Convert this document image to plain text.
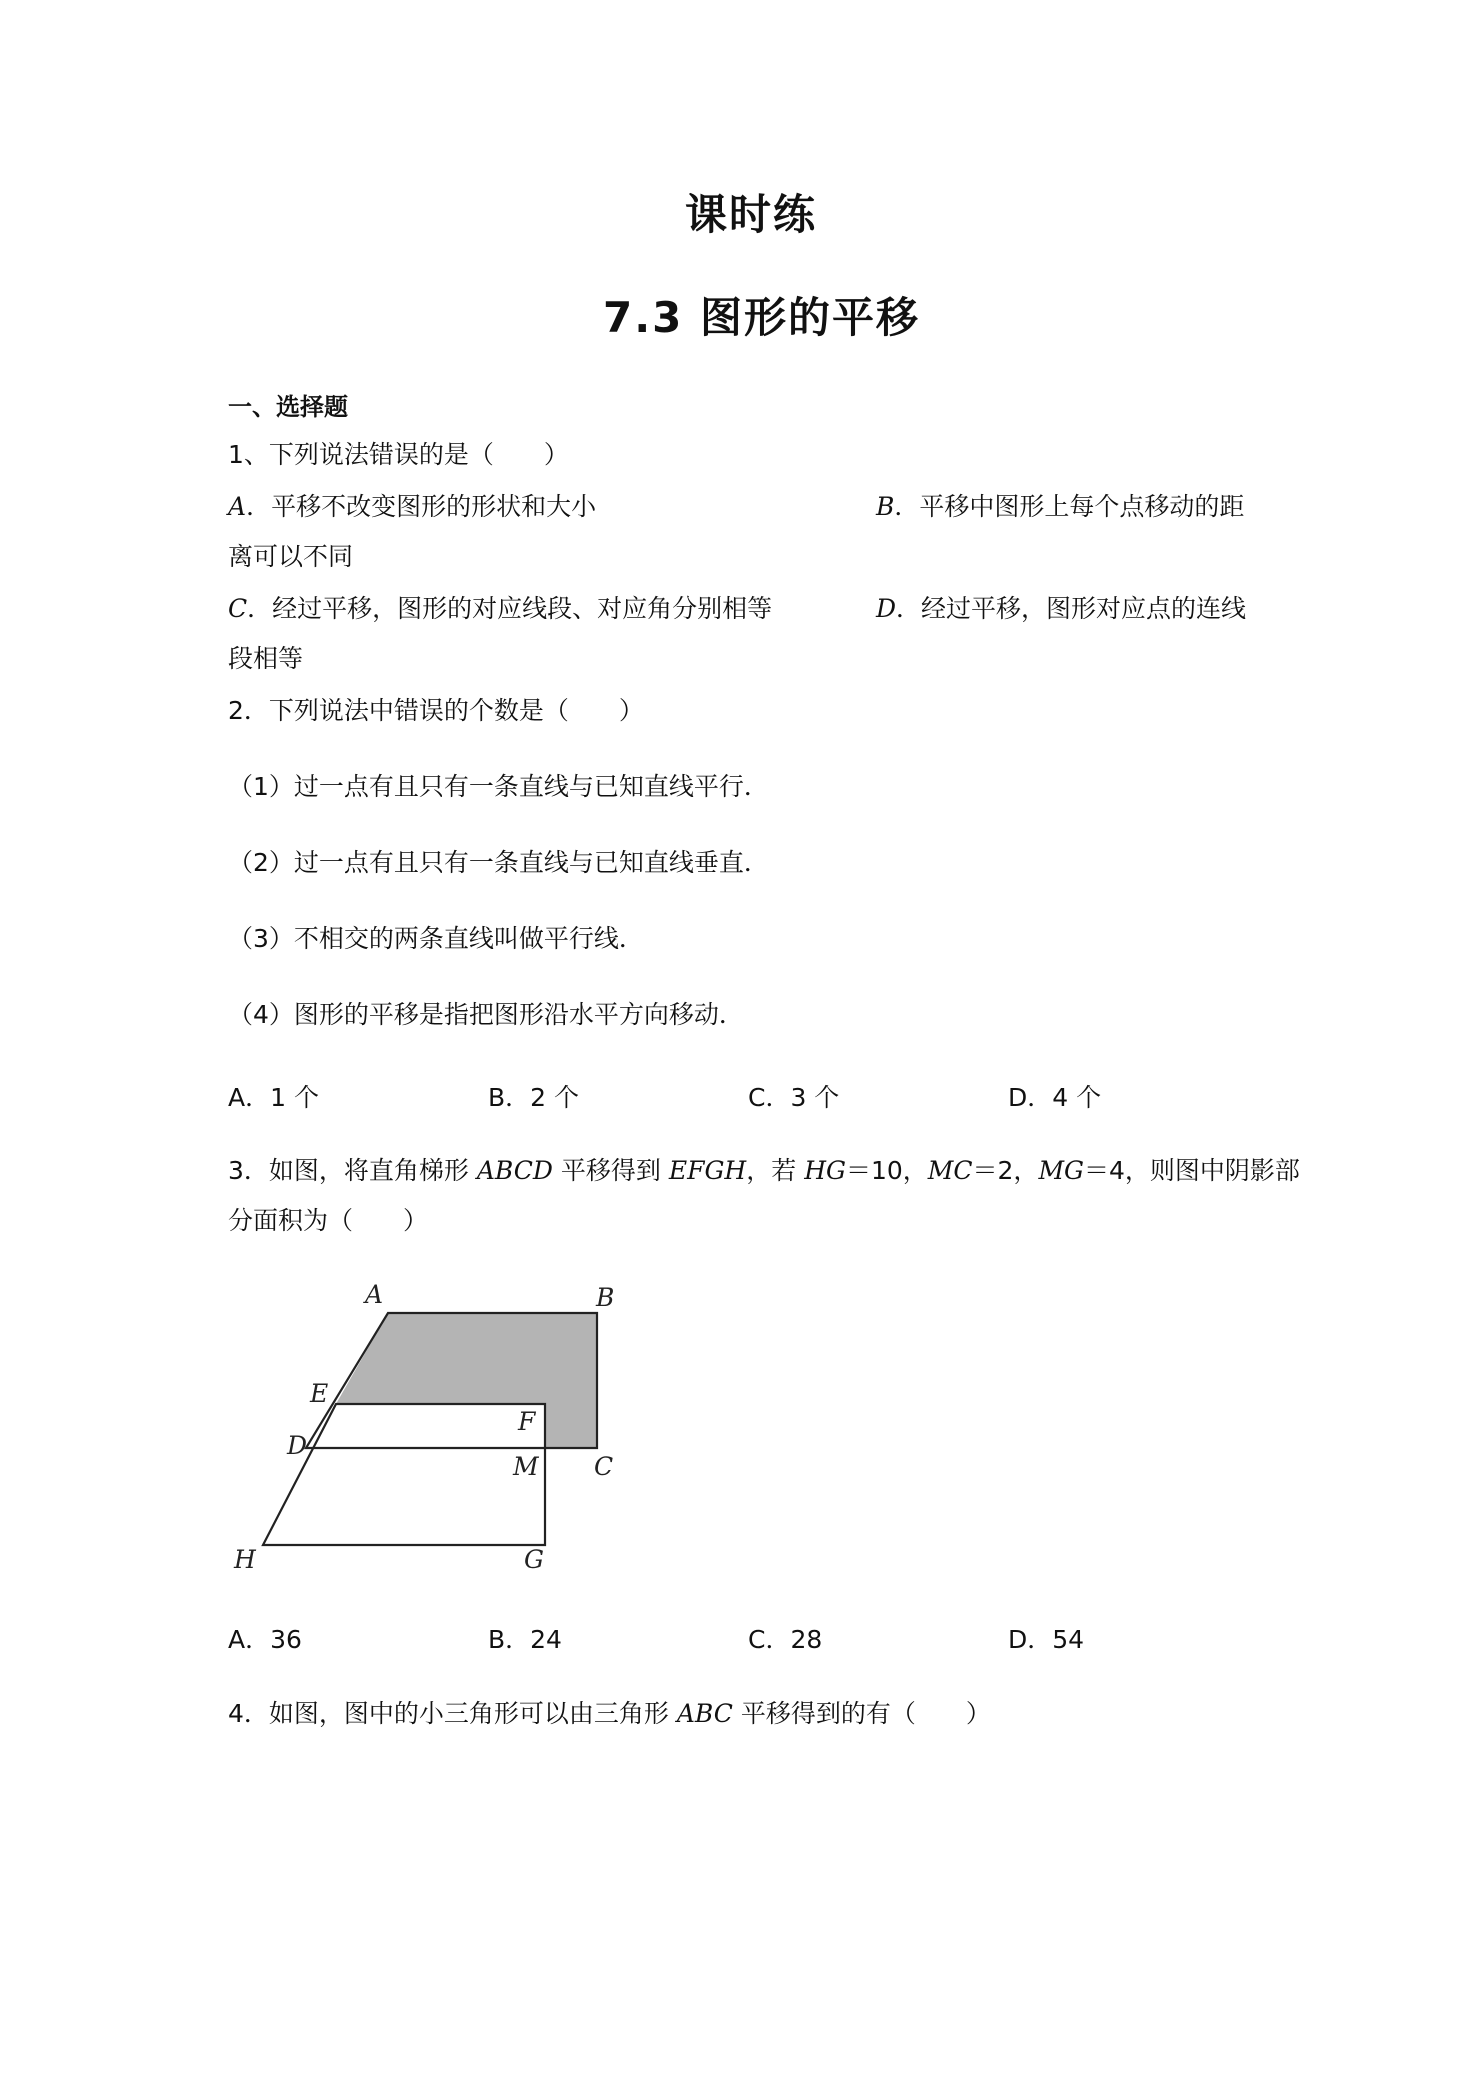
课时练
7.3 图形的平移
一、选择题
1、下列说法错误的是（　　）
A．平移不改变图形的形状和大小	B．平移中图形上每个点移动的距
离可以不同
C．经过平移，图形的对应线段、对应角分别相等	D．经过平移，图形对应点的连线
段相等
2．下列说法中错误的个数是（　　）
（1）过一点有且只有一条直线与已知直线平行．
（2）过一点有且只有一条直线与已知直线垂直．
（3）不相交的两条直线叫做平行线．
（4）图形的平移是指把图形沿水平方向移动．
A．1 个	B．2 个	C．3 个	D．4 个
3．如图，将直角梯形 ABCD 平移得到 EFGH，若 HG＝10，MC＝2，MG＝4，则图中阴影部
分面积为（　　）
A	B
E
F
D
M C
H	G
A．36	B．24	C．28	D．54
4．如图，图中的小三角形可以由三角形 ABC 平移得到的有（　　）
